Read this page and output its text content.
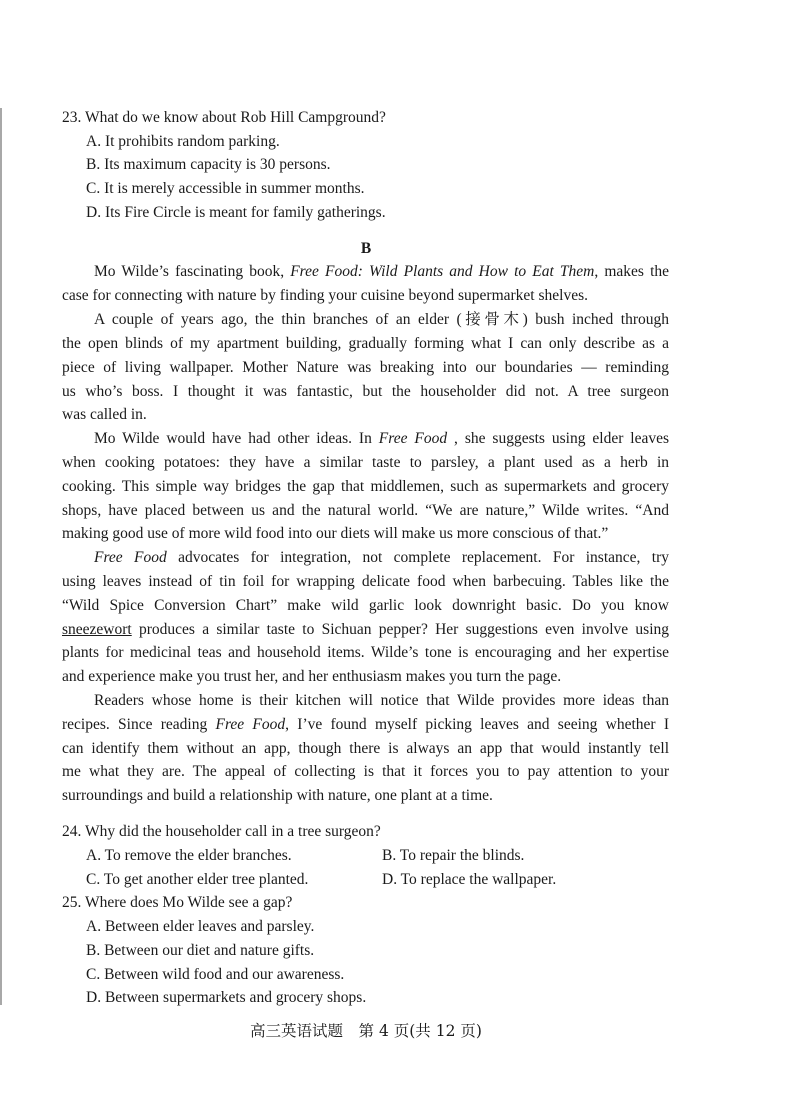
23. What do we know about Rob Hill Campground?
A. It prohibits random parking.
B. Its maximum capacity is 30 persons.
C. It is merely accessible in summer months.
D. Its Fire Circle is meant for family gatherings.
B
Mo Wilde’s fascinating book, Free Food: Wild Plants and How to Eat Them, makes the
case for connecting with nature by finding your cuisine beyond supermarket shelves.
A couple of years ago, the thin branches of an elder (接骨木) bush inched through
the open blinds of my apartment building, gradually forming what I can only describe as a
piece of living wallpaper. Mother Nature was breaking into our boundaries — reminding
us who’s boss. I thought it was fantastic, but the householder did not. A tree surgeon
was called in.
Mo Wilde would have had other ideas. In Free Food , she suggests using elder leaves
when cooking potatoes: they have a similar taste to parsley, a plant used as a herb in
cooking. This simple way bridges the gap that middlemen, such as supermarkets and grocery
shops, have placed between us and the natural world. “We are nature,” Wilde writes. “And
making good use of more wild food into our diets will make us more conscious of that.”
Free Food advocates for integration, not complete replacement. For instance, try
using leaves instead of tin foil for wrapping delicate food when barbecuing. Tables like the
“Wild Spice Conversion Chart” make wild garlic look downright basic. Do you know
sneezewort produces a similar taste to Sichuan pepper? Her suggestions even involve using
plants for medicinal teas and household items. Wilde’s tone is encouraging and her expertise
and experience make you trust her, and her enthusiasm makes you turn the page.
Readers whose home is their kitchen will notice that Wilde provides more ideas than
recipes. Since reading Free Food, I’ve found myself picking leaves and seeing whether I
can identify them without an app, though there is always an app that would instantly tell
me what they are. The appeal of collecting is that it forces you to pay attention to your
surroundings and build a relationship with nature, one plant at a time.
24. Why did the householder call in a tree surgeon?
A. To remove the elder branches.	B. To repair the blinds.
C. To get another elder tree planted.	D. To replace the wallpaper.
25. Where does Mo Wilde see a gap?
A. Between elder leaves and parsley.
B. Between our diet and nature gifts.
C. Between wild food and our awareness.
D. Between supermarkets and grocery shops.
高三英语试题　第 4 页(共 12 页)
